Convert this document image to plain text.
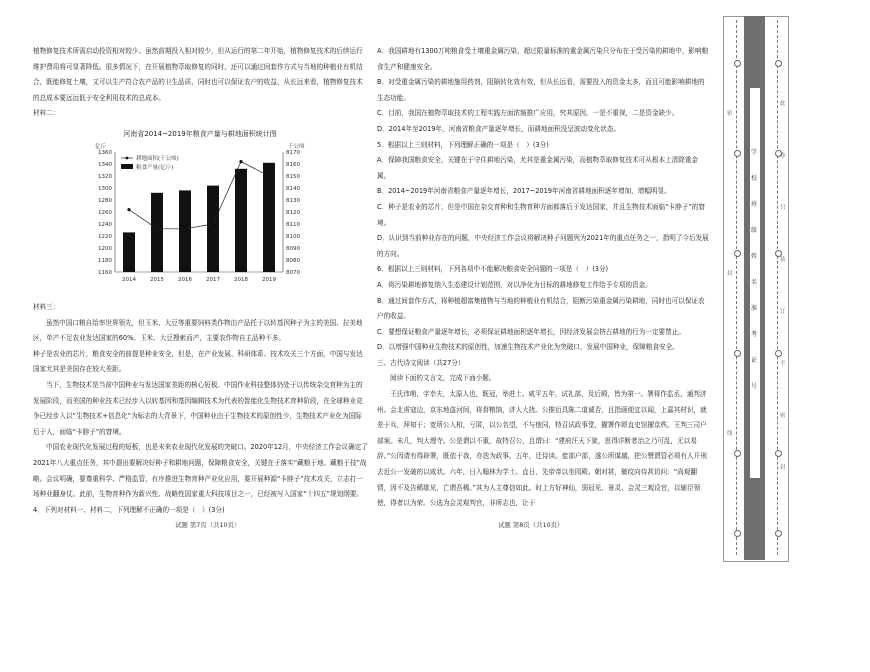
植物修复技术所需启动投资相对较少。虽然前期投入相对较少，但从运行的第二年开始，植物修复技术的后续运行维护费用将可显著降低。很多情况下，在开展植物萃取修复的同时，还可以通过间套作方式与当地的种植业有机结合，既能修复土壤，又可以生产符合农产品的卫生品质，同时也可以保证农户的收益，从长远来看，植物修复技术的总成本要远远低于安全利用技术的总成本。

材料二：

河南省2014~2019年粮食产量与耕地面积统计图
亿斤	千公顷
1160
1180
1200
1220
1240
1260
1280
1300
1320
1340
1360
8070
8080
8090
8100
8110
8120
8130
8140
8150
8160
8170
2014	2015	2016	2017	2018	2019
耕地面积(千公顷)
粮食产量(亿斤)

材料三：

虽然中国口粮自给率世界领先，但玉米、大豆等重要饲料类作物由产品托于以转基因种子为主的美国、拉美地区，单产不足农业发达国家的60%。玉米、大豆搜索而产，主要农作物自主品种不多。

种子是农业的芯片，粮食安全的前提是种业安全，但是，在产业发展、科研体系、技术攻关三个方面，中国与发达国家尤其是美国存在较大差距。

当下，生物技术是当前中国种业与发达国家差距的核心短板。中国作业科技整体仍处于以传统杂交育种为主的发展阶段，而美国的种业技术已经步入以转基因和基因编辑技术为代表的智能化生物技术育种阶段，在全球种业竞争已经步入以“生物技术+信息化”为标志的大背景下，中国种业由于生物技术的原创性少，生物技术产业化为国际后于人，面临“卡脖子”的窘境。

中国农业现代化发展过程的短板，也是未来农业现代化发展的突破口。2020年12月，中央经济工作会议确定了2021年八大重点任务，其中提出要解决好种子和耕地问题，保障粮食安全，关键在于落实“藏粮于地、藏粮于技”战略。会议明确，要尊重科学、严格监管，有序推进生物育种产业化应用，要开展种源“卡脖子”技术攻关，立志打一场种业翻身仗。此前，生物育种作为新兴性、战略性国家重大科技项目之一，已经被写入国家“十四五”规划纲要。

4．下列对材料一、材料二，下列理解不正确的一项是（　）(3分)

试题 第7页（共10页）

A．我国耕地有1300万吨粮食受土壤重金属污染，超过限量标准的重金属污染只分布在于受污染的耕地中，影响粮食生产和健康安全。

B．对受重金属污染的耕地施用药剂，阻隔转化效有效，但从长远看，需要投入的资金太多，而且可能影响耕地的生态功能。

C．目前，我国在植物萃取技术的工程实践方面浓缩推广应用，究其原因，一是不重视，二是资金缺少。

D．2014年至2019年，河南省粮食产量逐年增长，而耕地面积没呈波动变化状态。

5．根据以上三则材料，下列理解正确的一项是（　）(3分)

A．保障我国粮食安全，关键在于守住耕地污染，尤其是重金属污染，而植物萃取修复技术可从根本上清除重金属。

B．2014~2019年河南省粮食产量逐年增长，2017~2019年河南省耕地面积逐年增加，增幅明显。

C．种子是农业的芯片，但是中国在杂交育种和生物育种方面都落后于发达国家，并且生物技术面临“卡脖子”的窘境。

D．认识到当前种业存在的问题，中央经济工作会议将解决种子问题列为2021年的重点任务之一，指明了今后发展的方向。

6．根据以上三则材料，下列各项中不能解决粮食安全问题的一项是（　）(3分)

A．将污染耕地修复纳入生态建设计划范围，对以净化为目标的耕地修复工作给予专项的资金。

B．通过间套作方式，将种植超富集植物与当地的种植业有机结合，阻断污染重金属污染耕地，同时也可以保证农户的收益。

C．要想保证粮食产量逐年增长，必须保证耕地面积逐年增长，因经济发展会挤占耕地的行为一定要禁止。

D．以增强中国种业生物技术的原创性，加速生物技术产业化为突破口，发展中国种业，保障粮食安全。

三、古代诗文阅读（共27分）

阅读下面的文言文，完成下面小题。

王氏讳萌，字幸夫，太原人也，既冠，举进士。咸平五年，试礼部，及后殿，皆为第一。署将作监丞，通判济州。会北虏寇边，京东地盗河间，将督粮饷，济人大扰。公推衍具陈二道诚否，且指画便宜以闻，上嘉其材识，就差于兵，拜知于；宽所公入相，亏匿，以公名望，不与他同，特召试政事堂，擢署作即直史馆擢京秩。王判三司户部案。未几，判大理寺。公是谓以不重，故特召公，且谓曰：“建府汪天下狱，思得详断者治之乃可乱，无以易辞。”公因请有得辟署，既依于我，亦迭为政事。五年，迁侍读。徙部户部，遂公所谋越，把公赞谓管必须有人开刑去近公一发破的以咸状。六年，日入翰林为学士。直日，先帝帝以坐园殿。朝对甚，皴纹向待甚切问：“尚观翻情，因不及告稀歇见，亡谓吾稀。”其为人主尊信如此。时上方好神仙，弱冠见、景灵、会灵三观设官，以辅臣领使，得者以为荣。公选为会灵观判官，非所志也，让于

试题 第8页（共10页）
学
校
班
级
姓
名
准
考
证
号
密
封
线
此
卷
只
装
订
不
密
封
